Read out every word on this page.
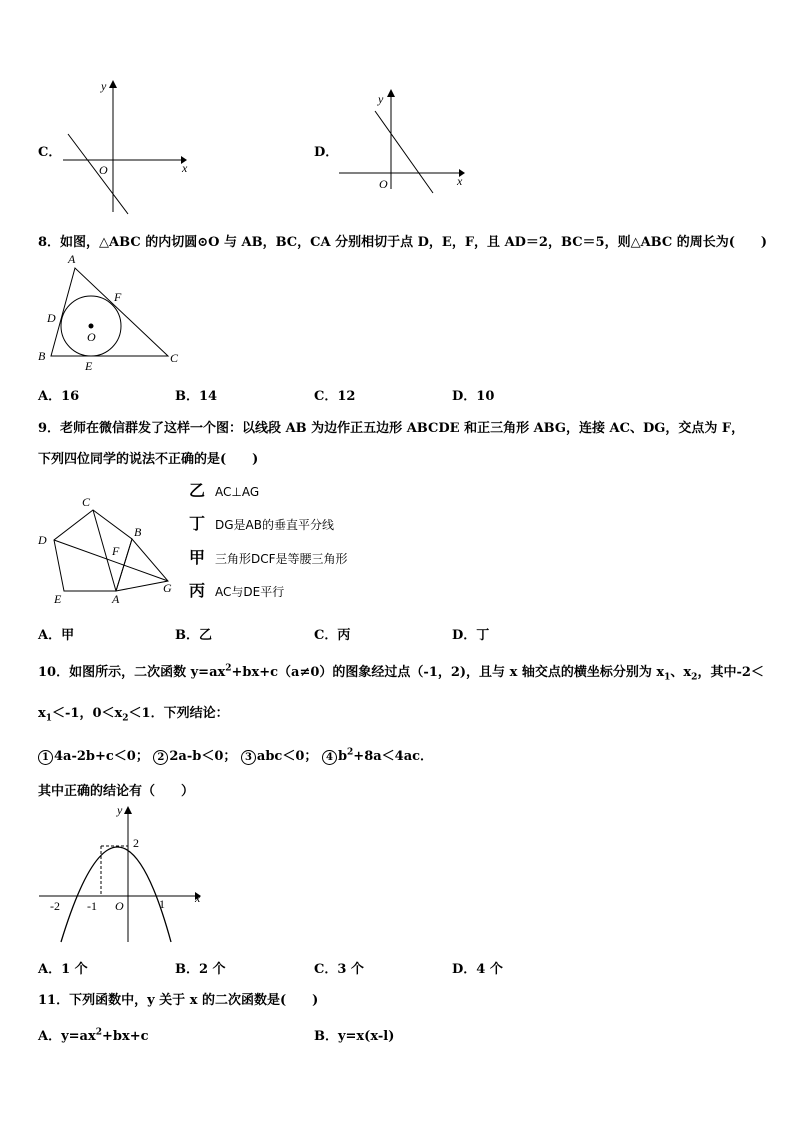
C．
x
y
O
D．
x
y
O
8．如图，△ABC 的内切圆⊙O 与 AB，BC，CA 分别相切于点 D，E，F，且 AD＝2，BC＝5，则△ABC 的周长为(　　)
A
B	C
D
E
F
O
A．16	B．14	C．12	D．10
9．老师在微信群发了这样一个图：以线段 AB 为边作正五边形 ABCDE 和正三角形 ABG，连接 AC、DG，交点为 F，
下列四位同学的说法不正确的是(　　)
C
D
B
F
E	A
G
乙 AC⊥AG
丁 DG是AB的垂直平分线
甲 三角形DCF是等腰三角形
丙 AC与DE平行
A．甲	B．乙	C．丙	D．丁
10．如图所示，二次函数 $y=ax^2+bx+c(a\ne 0)$的图象经过点（-1，2)，且与 x 轴交点的横坐标分别为 $x_1$、$x_2$，其中-2＜
$x_1<-1$，$0<x_2<1$．下列结论：
1 4a-2b+c＜0； 2 2a-b＜0； 3 abc＜0； 4 $b^2+8a<4ac$．
其中正确的结论有（　　）
y
x
2
-2 -1 O	1
A．1 个	B．2 个	C．3 个	D．4 个
11．下列函数中，y 关于 x 的二次函数是(　　)
A．$y=ax^2+bx+c$	B．y=x(x-l)
